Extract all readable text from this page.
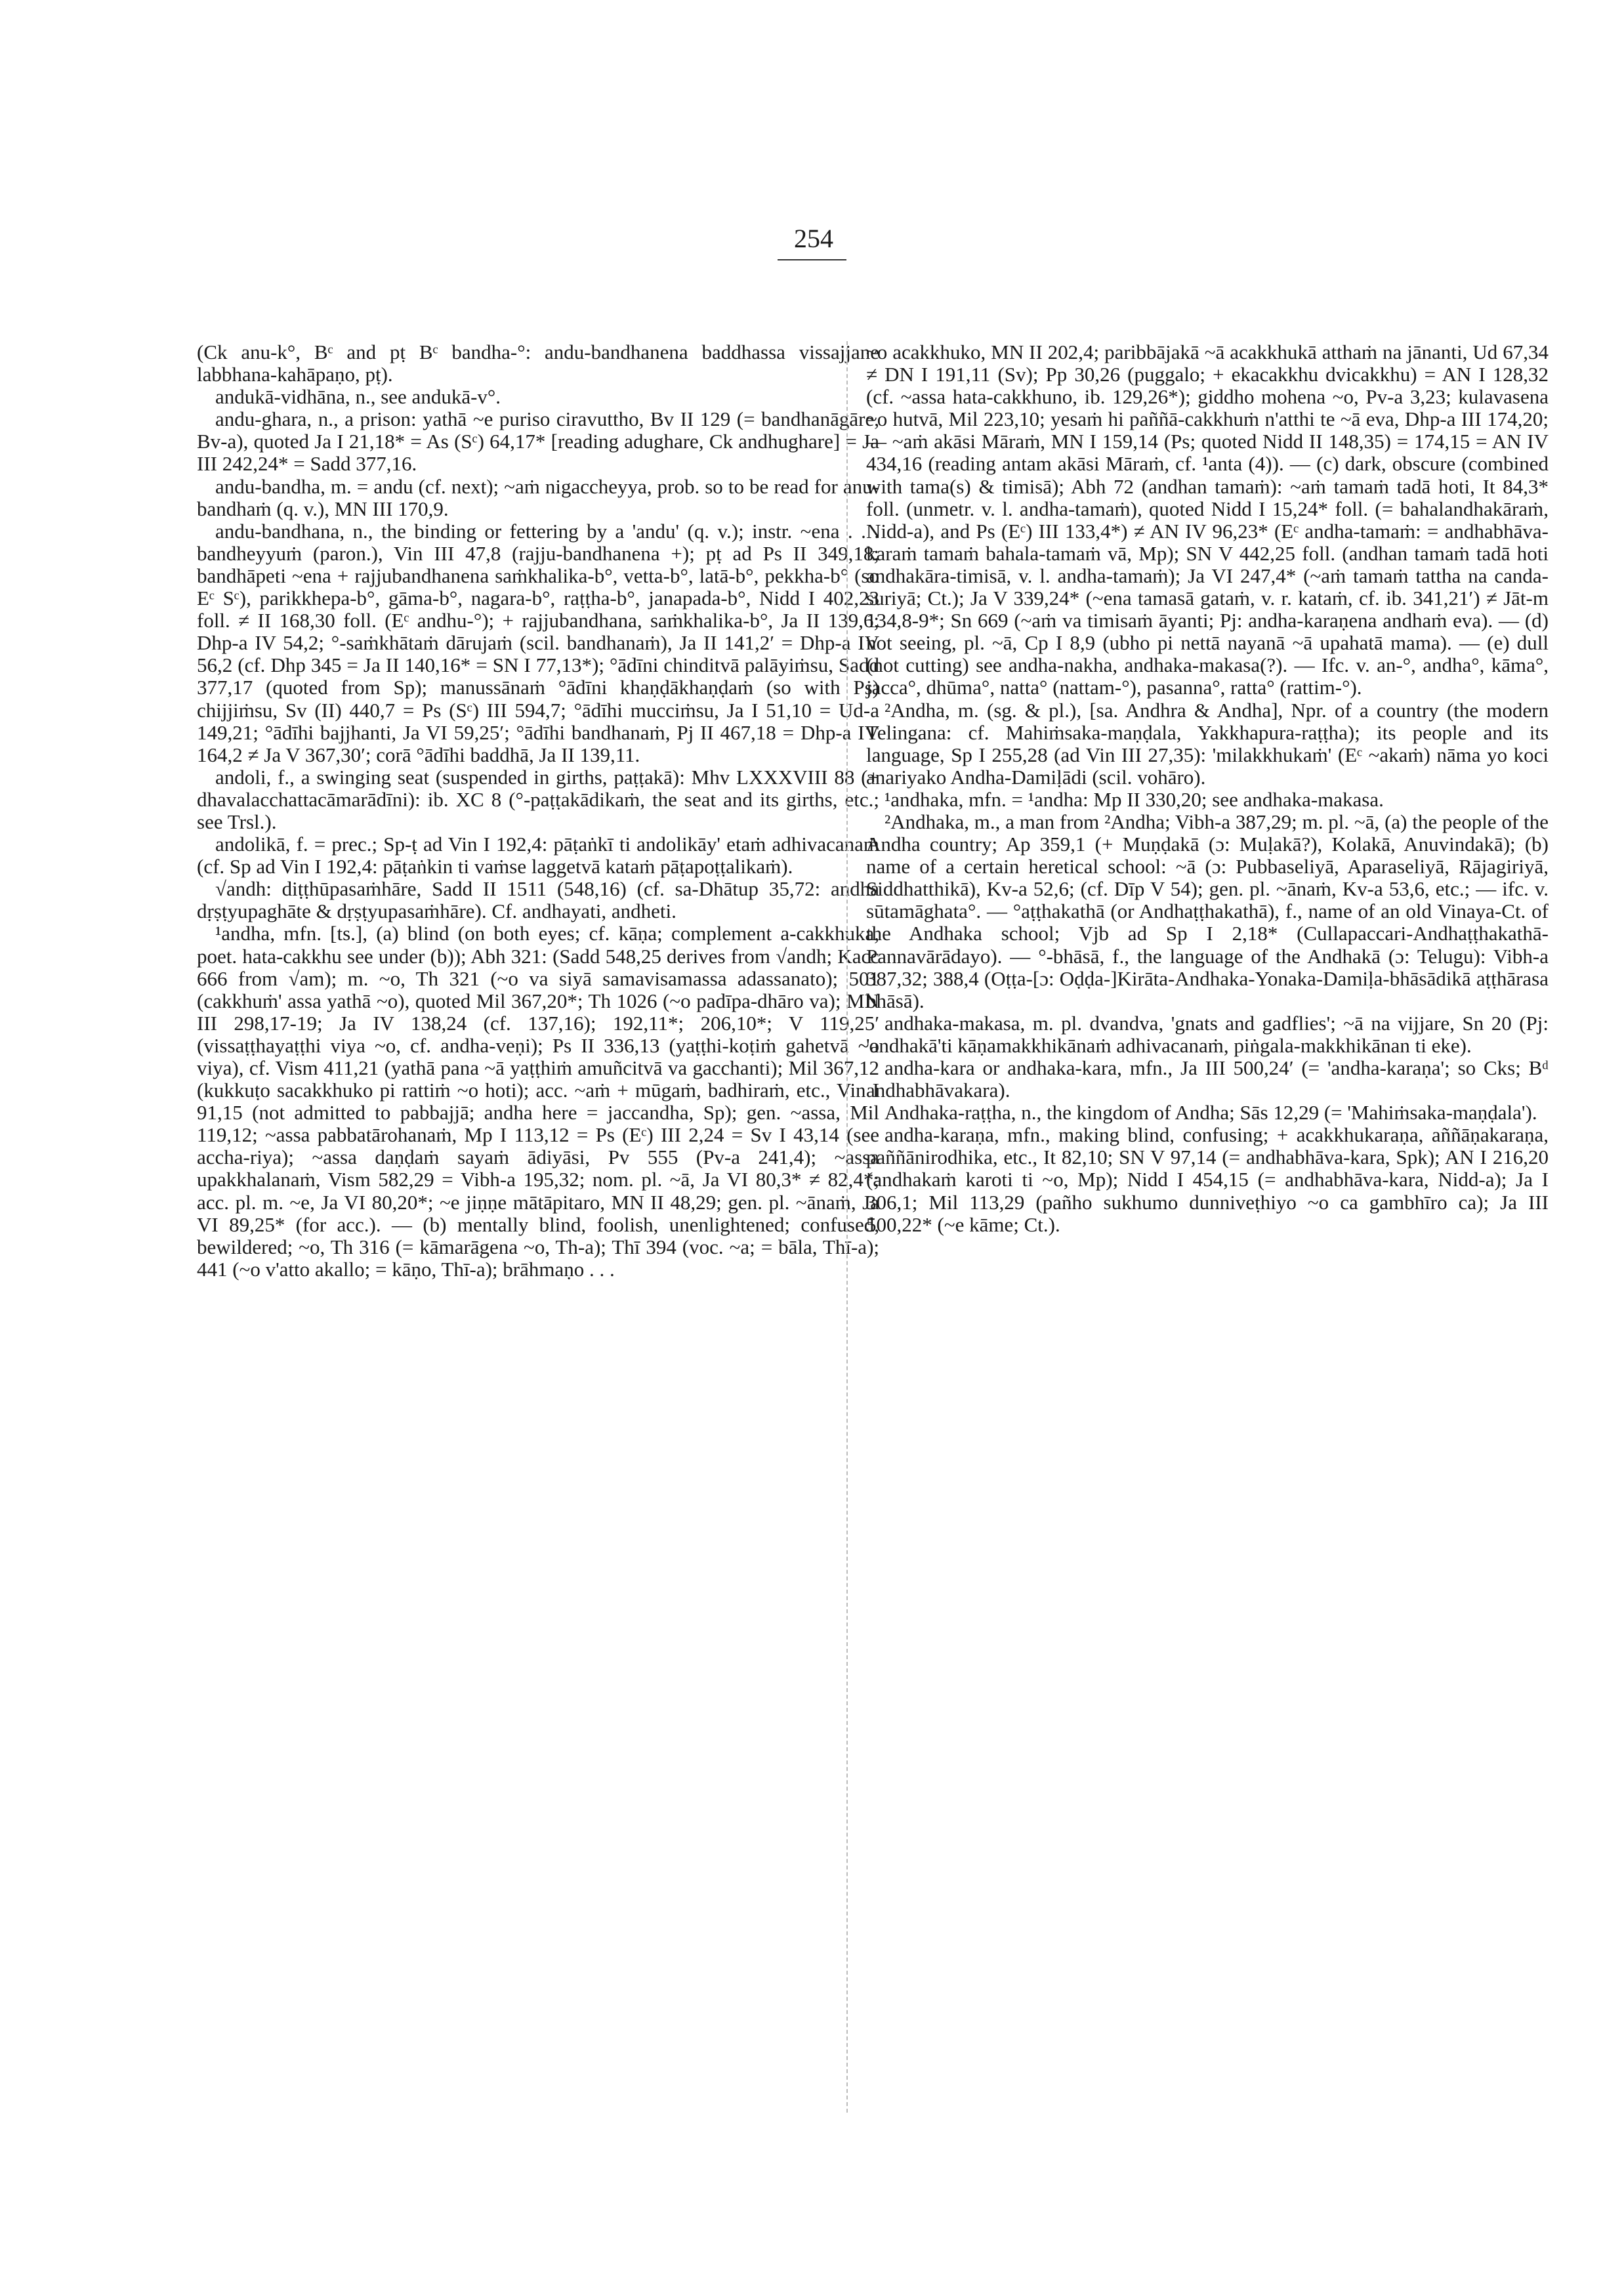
254

(Ck anu-k°, Bᶜ and pṭ Bᶜ bandha-°: andu-bandhanena baddhassa vissajjane labbhana-kahāpaṇo, pṭ).

andukā-vidhāna, n., see andukā-v°.

andu-ghara, n., a prison: yathā ~e puriso ciravuttho, Bv II 129 (= bandhanāgāre, Bv-a), quoted Ja I 21,18* = As (Sᶜ) 64,17* [reading adughare, Ck andhughare] = Ja III 242,24* = Sadd 377,16.

andu-bandha, m. = andu (cf. next); ~aṁ nigaccheyya, prob. so to be read for anu-bandhaṁ (q. v.), MN III 170,9.

andu-bandhana, n., the binding or fettering by a 'andu' (q. v.); instr. ~ena . . . bandheyyuṁ (paron.), Vin III 47,8 (rajju-bandhanena +); pṭ ad Ps II 349,18; bandhāpeti ~ena + rajjubandhanena saṁkhalika-b°, vetta-b°, latā-b°, pekkha-b° (so Eᶜ Sᶜ), parikkhepa-b°, gāma-b°, nagara-b°, raṭṭha-b°, janapada-b°, Nidd I 402,23 foll. ≠ II 168,30 foll. (Eᶜ andhu-°); + rajjubandhana, saṁkhalika-b°, Ja II 139,6; Dhp-a IV 54,2; °-saṁkhātaṁ dārujaṁ (scil. bandhanaṁ), Ja II 141,2′ = Dhp-a IV 56,2 (cf. Dhp 345 = Ja II 140,16* = SN I 77,13*); °ādīni chinditvā palāyiṁsu, Sadd 377,17 (quoted from Sp); manussānaṁ °ādīni khaṇḍākhaṇḍaṁ (so with Ps) chijjiṁsu, Sv (II) 440,7 = Ps (Sᶜ) III 594,7; °ādīhi mucciṁsu, Ja I 51,10 = Ud-a 149,21; °ādīhi bajjhanti, Ja VI 59,25′; °ādīhi bandhanaṁ, Pj II 467,18 = Dhp-a IV 164,2 ≠ Ja V 367,30′; corā °ādīhi baddhā, Ja II 139,11.

andoli, f., a swinging seat (suspended in girths, paṭṭakā): Mhv LXXXVIII 88 (+ dhavalacchattacāmarādīni): ib. XC 8 (°-paṭṭakādikaṁ, the seat and its girths, etc.; see Trsl.).

andolikā, f. = prec.; Sp-ṭ ad Vin I 192,4: pāṭaṅkī ti andolikāy' etaṁ adhivacanaṁ (cf. Sp ad Vin I 192,4: pāṭaṅkin ti vaṁse laggetvā kataṁ pāṭapoṭṭalikaṁ).

√andh: diṭṭhūpasaṁhāre, Sadd II 1511 (548,16) (cf. sa-Dhātup 35,72: andha dṛṣṭyupaghāte & dṛṣṭyupasaṁhāre). Cf. andhayati, andheti.

¹andha, mfn. [ts.], (a) blind (on both eyes; cf. kāṇa; complement a-cakkhuka, poet. hata-cakkhu see under (b)); Abh 321: (Sadd 548,25 derives from √andh; Kacc 666 from √am); m. ~o, Th 321 (~o va siyā samavisamassa adassanato); 501 (cakkhuṁ' assa yathā ~o), quoted Mil 367,20*; Th 1026 (~o padīpa-dhāro va); MN III 298,17-19; Ja IV 138,24 (cf. 137,16); 192,11*; 206,10*; V 119,25′ (vissaṭṭhayaṭṭhi viya ~o, cf. andha-veṇi); Ps II 336,13 (yaṭṭhi-koṭiṁ gahetvā ~o viya), cf. Vism 411,21 (yathā pana ~ā yaṭṭhiṁ amuñcitvā va gacchanti); Mil 367,12 (kukkuṭo sacakkhuko pi rattiṁ ~o hoti); acc. ~aṁ + mūgaṁ, badhiraṁ, etc., Vin I 91,15 (not admitted to pabbajjā; andha here = jaccandha, Sp); gen. ~assa, Mil 119,12; ~assa pabbatārohanaṁ, Mp I 113,12 = Ps (Eᶜ) III 2,24 = Sv I 43,14 (see accha-riya); ~assa daṇḍaṁ sayaṁ ādiyāsi, Pv 555 (Pv-a 241,4); ~assa upakkhalanaṁ, Vism 582,29 = Vibh-a 195,32; nom. pl. ~ā, Ja VI 80,3* ≠ 82,4*; acc. pl. m. ~e, Ja VI 80,20*; ~e jiṇṇe mātāpitaro, MN II 48,29; gen. pl. ~ānaṁ, Ja VI 89,25* (for acc.). — (b) mentally blind, foolish, unenlightened; confused, bewildered; ~o, Th 316 (= kāmarāgena ~o, Th-a); Thī 394 (voc. ~a; = bāla, Thī-a); 441 (~o v'atto akallo; = kāṇo, Thī-a); brāhmaṇo . . .

~o acakkhuko, MN II 202,4; paribbājakā ~ā acakkhukā atthaṁ na jānanti, Ud 67,34 ≠ DN I 191,11 (Sv); Pp 30,26 (puggalo; + ekacakkhu dvicakkhu) = AN I 128,32 (cf. ~assa hata-cakkhuno, ib. 129,26*); giddho mohena ~o, Pv-a 3,23; kulavasena ~o hutvā, Mil 223,10; yesaṁ hi paññā-cakkhuṁ n'atthi te ~ā eva, Dhp-a III 174,20; — ~aṁ akāsi Māraṁ, MN I 159,14 (Ps; quoted Nidd II 148,35) = 174,15 = AN IV 434,16 (reading antam akāsi Māraṁ, cf. ¹anta (4)). — (c) dark, obscure (combined with tama(s) & timisā); Abh 72 (andhan tamaṁ): ~aṁ tamaṁ tadā hoti, It 84,3* foll. (unmetr. v. l. andha-tamaṁ), quoted Nidd I 15,24* foll. (= bahalandhakāraṁ, Nidd-a), and Ps (Eᶜ) III 133,4*) ≠ AN IV 96,23* (Eᶜ andha-tamaṁ: = andhabhāva-karaṁ tamaṁ bahala-tamaṁ vā, Mp); SN V 442,25 foll. (andhan tamaṁ tadā hoti andhakāra-timisā, v. l. andha-tamaṁ); Ja VI 247,4* (~aṁ tamaṁ tattha na canda-suriyā; Ct.); Ja V 339,24* (~ena tamasā gataṁ, v. r. kataṁ, cf. ib. 341,21′) ≠ Jāt-m 134,8-9*; Sn 669 (~aṁ va timisaṁ āyanti; Pj: andha-karaṇena andhaṁ eva). — (d) not seeing, pl. ~ā, Cp I 8,9 (ubho pi nettā nayanā ~ā upahatā mama). — (e) dull (not cutting) see andha-nakha, andhaka-makasa(?). — Ifc. v. an-°, andha°, kāma°, jacca°, dhūma°, natta° (nattam-°), pasanna°, ratta° (rattim-°).

²Andha, m. (sg. & pl.), [sa. Andhra & Andha], Npr. of a country (the modern Telingana: cf. Mahiṁsaka-maṇḍala, Yakkhapura-raṭṭha); its people and its language, Sp I 255,28 (ad Vin III 27,35): 'milakkhukaṁ' (Eᶜ ~akaṁ) nāma yo koci anariyako Andha-Damiḷādi (scil. vohāro).

¹andhaka, mfn. = ¹andha: Mp II 330,20; see andhaka-makasa.

²Andhaka, m., a man from ²Andha; Vibh-a 387,29; m. pl. ~ā, (a) the people of the Andha country; Ap 359,1 (+ Muṇḍakā (ɔ: Muḷakā?), Kolakā, Anuvindakā); (b) name of a certain heretical school: ~ā (ɔ: Pubbaseliyā, Aparaseliyā, Rājagiriyā, Siddhatthikā), Kv-a 52,6; (cf. Dīp V 54); gen. pl. ~ānaṁ, Kv-a 53,6, etc.; — ifc. v. sūtamāghata°. — °aṭṭhakathā (or Andhaṭṭhakathā), f., name of an old Vinaya-Ct. of the Andhaka school; Vjb ad Sp I 2,18* (Cullapaccari-Andhaṭṭhakathā-Pannavārādayo). — °-bhāsā, f., the language of the Andhakā (ɔ: Telugu): Vibh-a 387,32; 388,4 (Oṭṭa-[ɔ: Oḍḍa-]Kirāta-Andhaka-Yonaka-Damiḷa-bhāsādikā aṭṭhārasa bhāsā).

andhaka-makasa, m. pl. dvandva, 'gnats and gadflies'; ~ā na vijjare, Sn 20 (Pj: 'andhakā'ti kāṇamakkhikānaṁ adhivacanaṁ, piṅgala-makkhikānan ti eke).

andha-kara or andhaka-kara, mfn., Ja III 500,24′ (= 'andha-karaṇa'; so Cks; Bᵈ andhabhāvakara).

Andhaka-raṭṭha, n., the kingdom of Andha; Sās 12,29 (= 'Mahiṁsaka-maṇḍala').

andha-karaṇa, mfn., making blind, confusing; + acakkhukaraṇa, aññāṇakaraṇa, paññānirodhika, etc., It 82,10; SN V 97,14 (= andhabhāva-kara, Spk); AN I 216,20 (andhakaṁ karoti ti ~o, Mp); Nidd I 454,15 (= andhabhāva-kara, Nidd-a); Ja I 306,1; Mil 113,29 (pañho sukhumo dunniveṭhiyo ~o ca gambhīro ca); Ja III 500,22* (~e kāme; Ct.).
